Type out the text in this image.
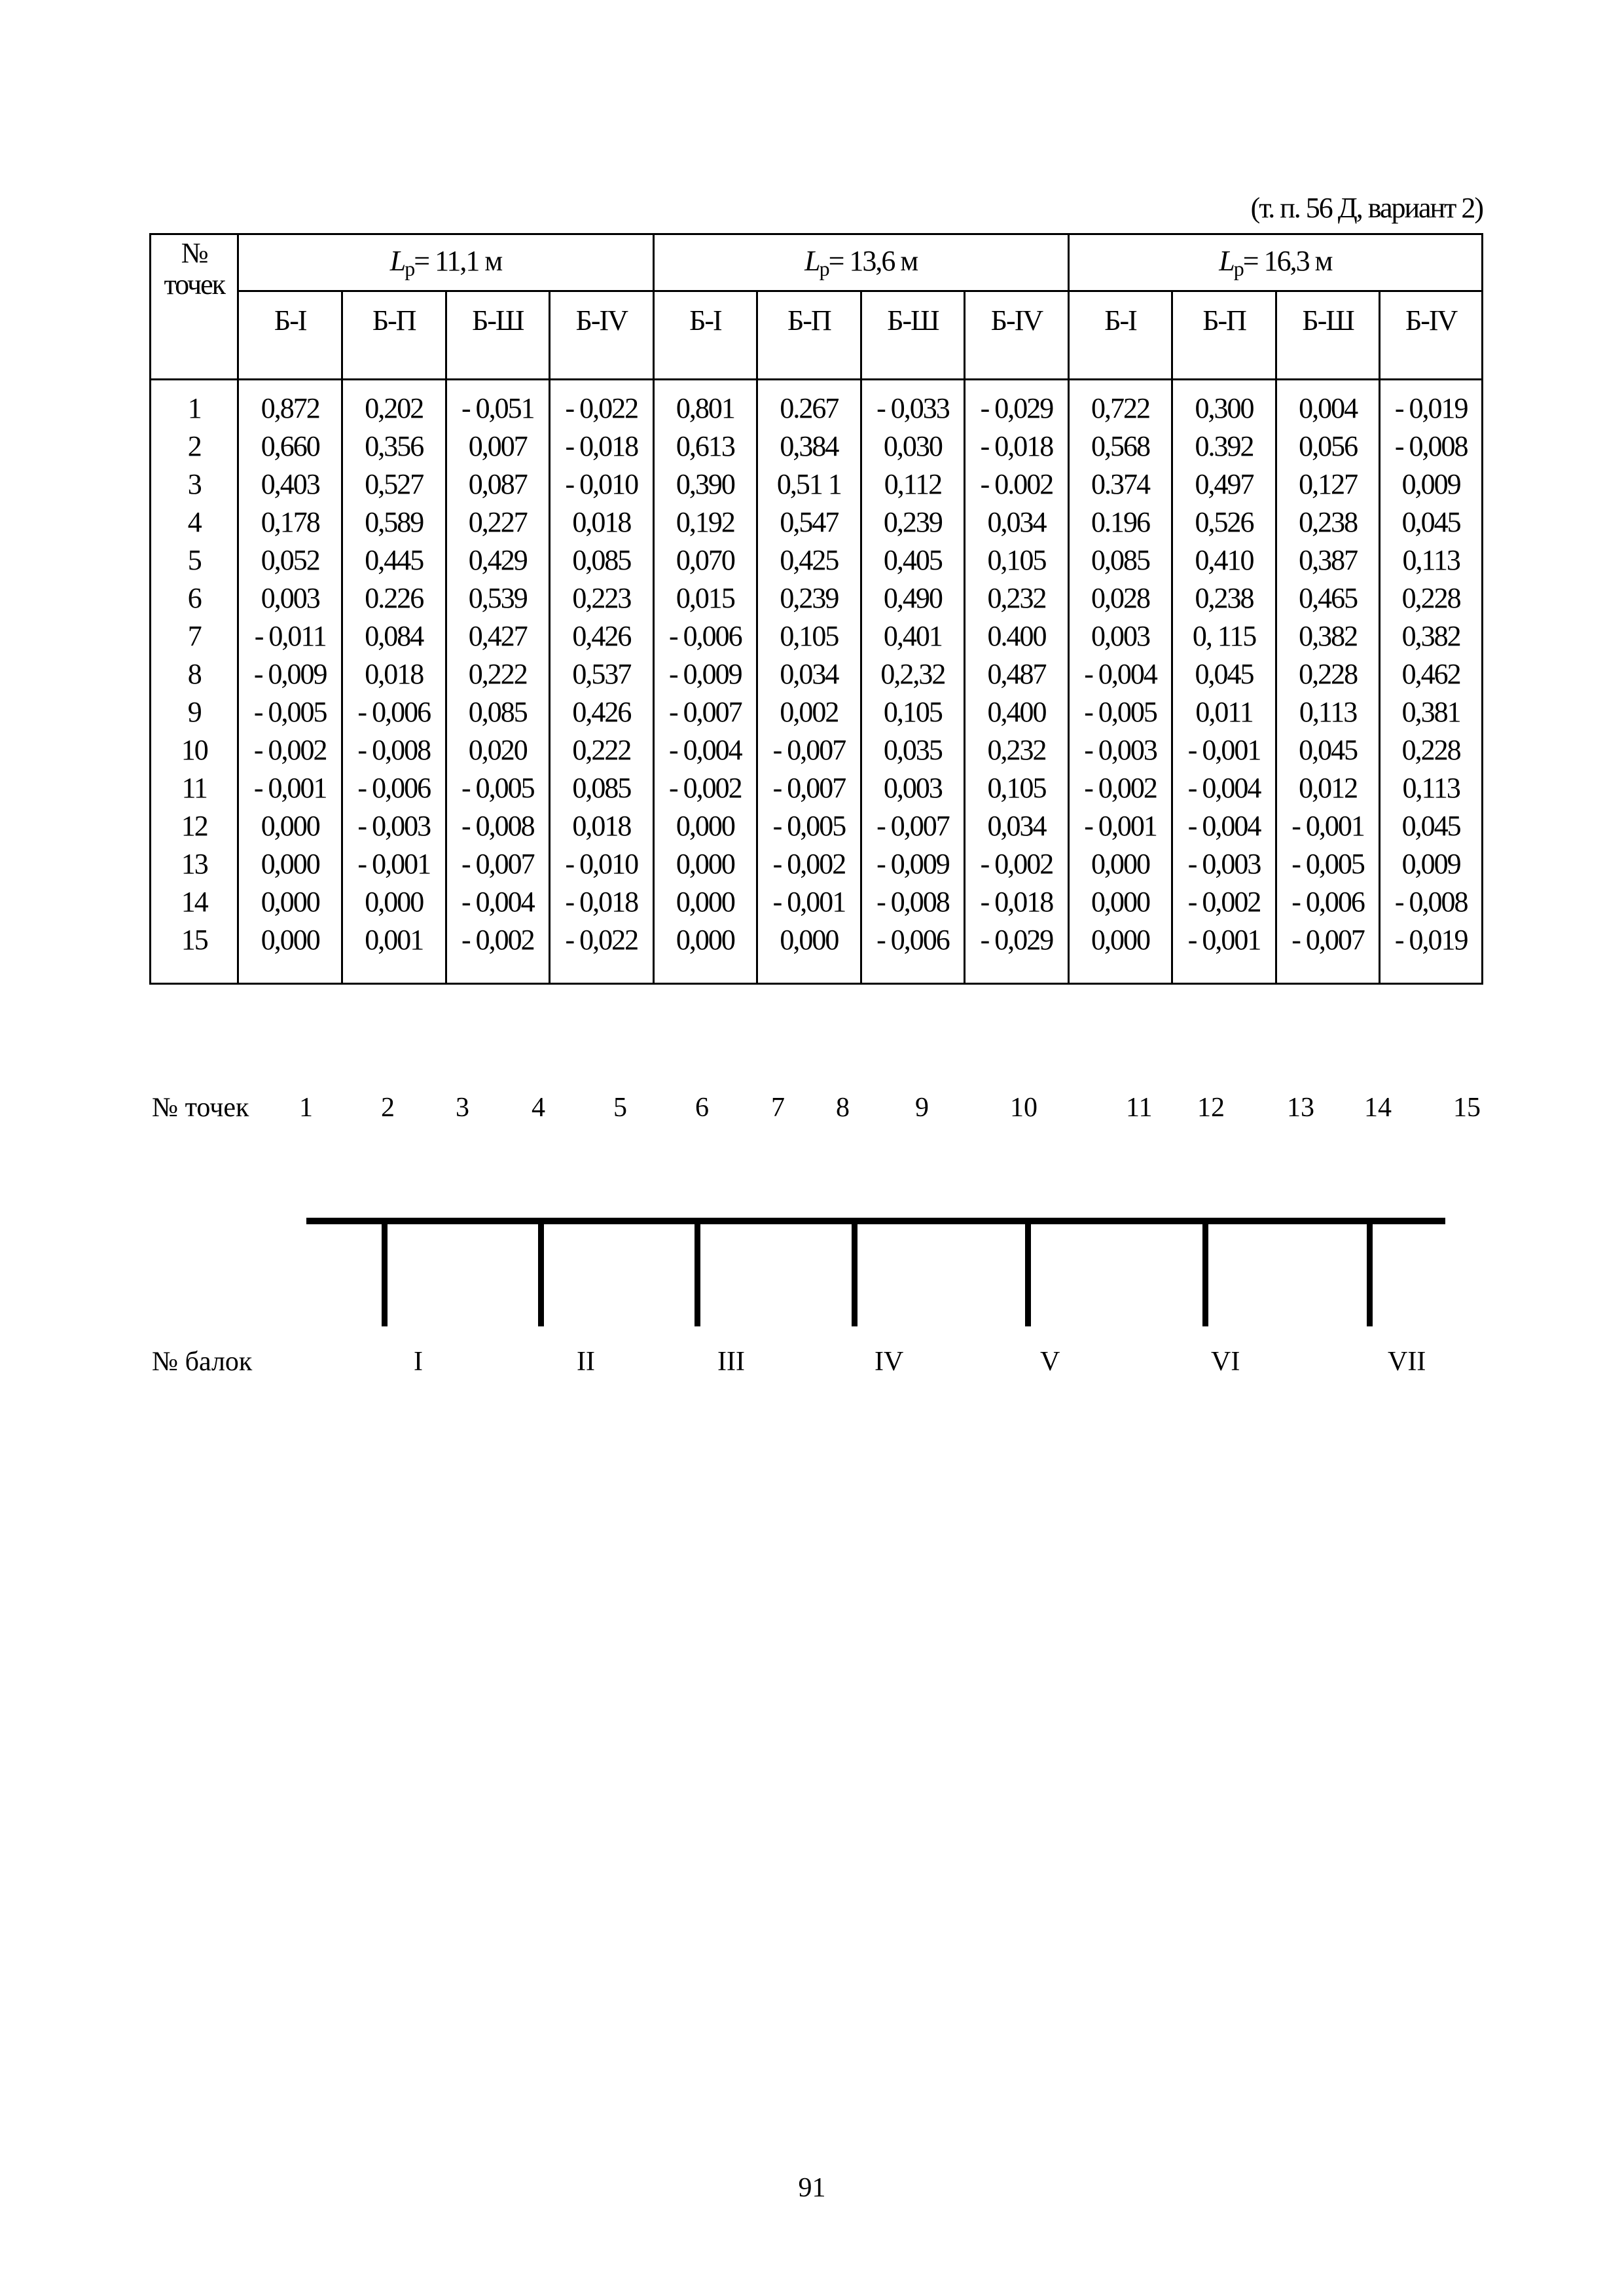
(т. п. 56 Д, вариант 2)
№
точек	Lр= 11,1 м				Lр= 13,6 м				Lр= 16,3 м			
	Б-I	Б-П	Б-Ш	Б-IV	Б-I	Б-П	Б-Ш	Б-IV	Б-I	Б-П	Б-Ш	Б-IV
1	0,872	0,202	- 0,051	- 0,022	0,801	0.267	- 0,033	- 0,029	0,722	0,300	0,004	- 0,019
2	0,660	0,356	0,007	- 0,018	0,613	0,384	0,030	- 0,018	0,568	0.392	0,056	- 0,008
3	0,403	0,527	0,087	- 0,010	0,390	0,51 1	0,112	- 0.002	0.374	0,497	0,127	0,009
4	0,178	0,589	0,227	0,018	0,192	0,547	0,239	0,034	0.196	0,526	0,238	0,045
5	0,052	0,445	0,429	0,085	0,070	0,425	0,405	0,105	0,085	0,410	0,387	0,113
6	0,003	0.226	0,539	0,223	0,015	0,239	0,490	0,232	0,028	0,238	0,465	0,228
7	- 0,011	0,084	0,427	0,426	- 0,006	0,105	0,401	0.400	0,003	0, 115	0,382	0,382
8	- 0,009	0,018	0,222	0,537	- 0,009	0,034	0,2,32	0,487	- 0,004	0,045	0,228	0,462
9	- 0,005	- 0,006	0,085	0,426	- 0,007	0,002	0,105	0,400	- 0,005	0,011	0,113	0,381
10	- 0,002	- 0,008	0,020	0,222	- 0,004	- 0,007	0,035	0,232	- 0,003	- 0,001	0,045	0,228
11	- 0,001	- 0,006	- 0,005	0,085	- 0,002	- 0,007	0,003	0,105	- 0,002	- 0,004	0,012	0,113
12	0,000	- 0,003	- 0,008	0,018	0,000	- 0,005	- 0,007	0,034	- 0,001	- 0,004	- 0,001	0,045
13	0,000	- 0,001	- 0,007	- 0,010	0,000	- 0,002	- 0,009	- 0,002	0,000	- 0,003	- 0,005	0,009
14	0,000	0,000	- 0,004	- 0,018	0,000	- 0,001	- 0,008	- 0,018	0,000	- 0,002	- 0,006	- 0,008
15	0,000	0,001	- 0,002	- 0,022	0,000	0,000	- 0,006	- 0,029	0,000	- 0,001	- 0,007	- 0,019

№ точек 1 2 3 4 5 6 7 8 9	10	11 12 13 14 15
№ балок	I	II	III	IV	V	VI	VII
91
